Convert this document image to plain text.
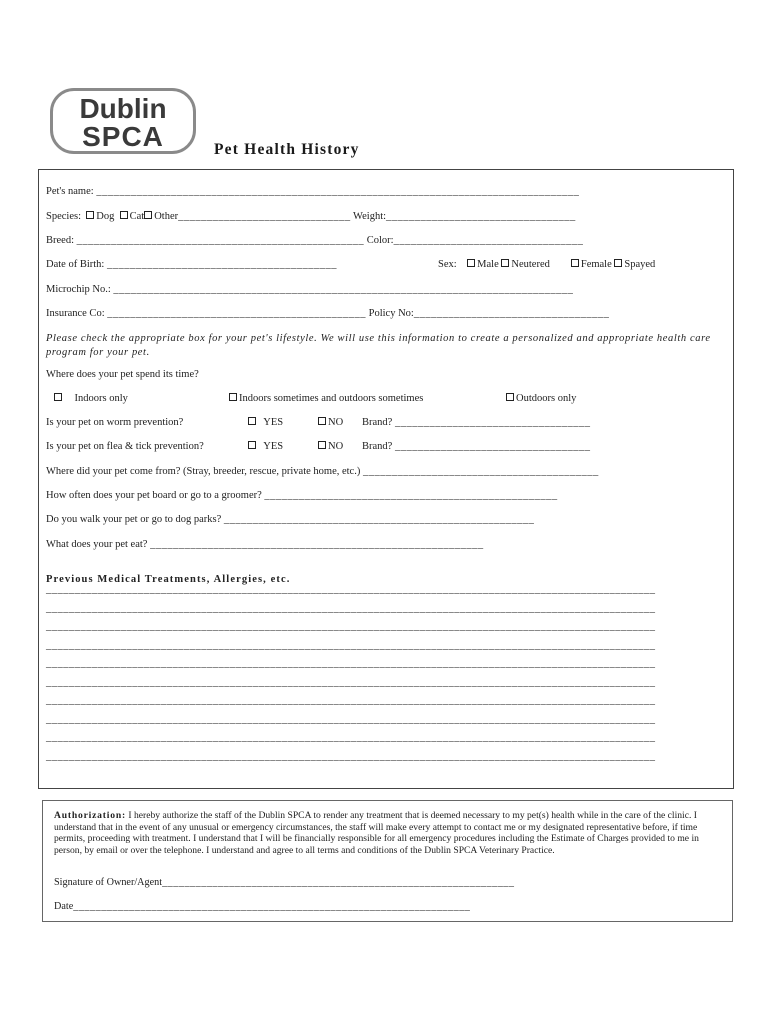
Dublin
SPCA	Pet Health History
Pet's name: ____________________________________________________________________________________
Species: Dog Cat Other______________________________ Weight:_________________________________
Breed: __________________________________________________ Color:_________________________________
Date of Birth: ________________________________________	Sex: Male Neutered	Female Spayed
Microchip No.: ________________________________________________________________________________
Insurance Co: _____________________________________________ Policy No:__________________________________
Please check the appropriate box for your pet's lifestyle. We will use this information to create a personalized and appropriate health care program for your pet.
Where does your pet spend its time?
Indoors only	Indoors sometimes and outdoors sometimes	Outdoors only
Is your pet on worm prevention?	YES	NO Brand? __________________________________
Is your pet on flea & tick prevention?	YES	NO Brand? __________________________________
Where did your pet come from? (Stray, breeder, rescue, private home, etc.) _________________________________________
How often does your pet board or go to a groomer? ___________________________________________________
Do you walk your pet or go to dog parks? ______________________________________________________
What does your pet eat? __________________________________________________________
Previous Medical Treatments, Allergies, etc.
__________________________________________________________________________________________________________
__________________________________________________________________________________________________________
__________________________________________________________________________________________________________
__________________________________________________________________________________________________________
__________________________________________________________________________________________________________
__________________________________________________________________________________________________________
__________________________________________________________________________________________________________
__________________________________________________________________________________________________________
__________________________________________________________________________________________________________
__________________________________________________________________________________________________________
Authorization: I hereby authorize the staff of the Dublin SPCA to render any treatment that is deemed necessary to my pet(s) health while in the care of the clinic. I understand that in the event of any unusual or emergency circumstances, the staff will make every attempt to contact me or my designated representative before, if time permits, proceeding with treatment. I understand that I will be financially responsible for all emergency procedures including the Estimate of Charges provided to me in person, by email or over the telephone. I understand and agree to all terms and conditions of the Dublin SPCA Veterinary Practice.
Signature of Owner/Agent_______________________________________________________________
Date_______________________________________________________________________
